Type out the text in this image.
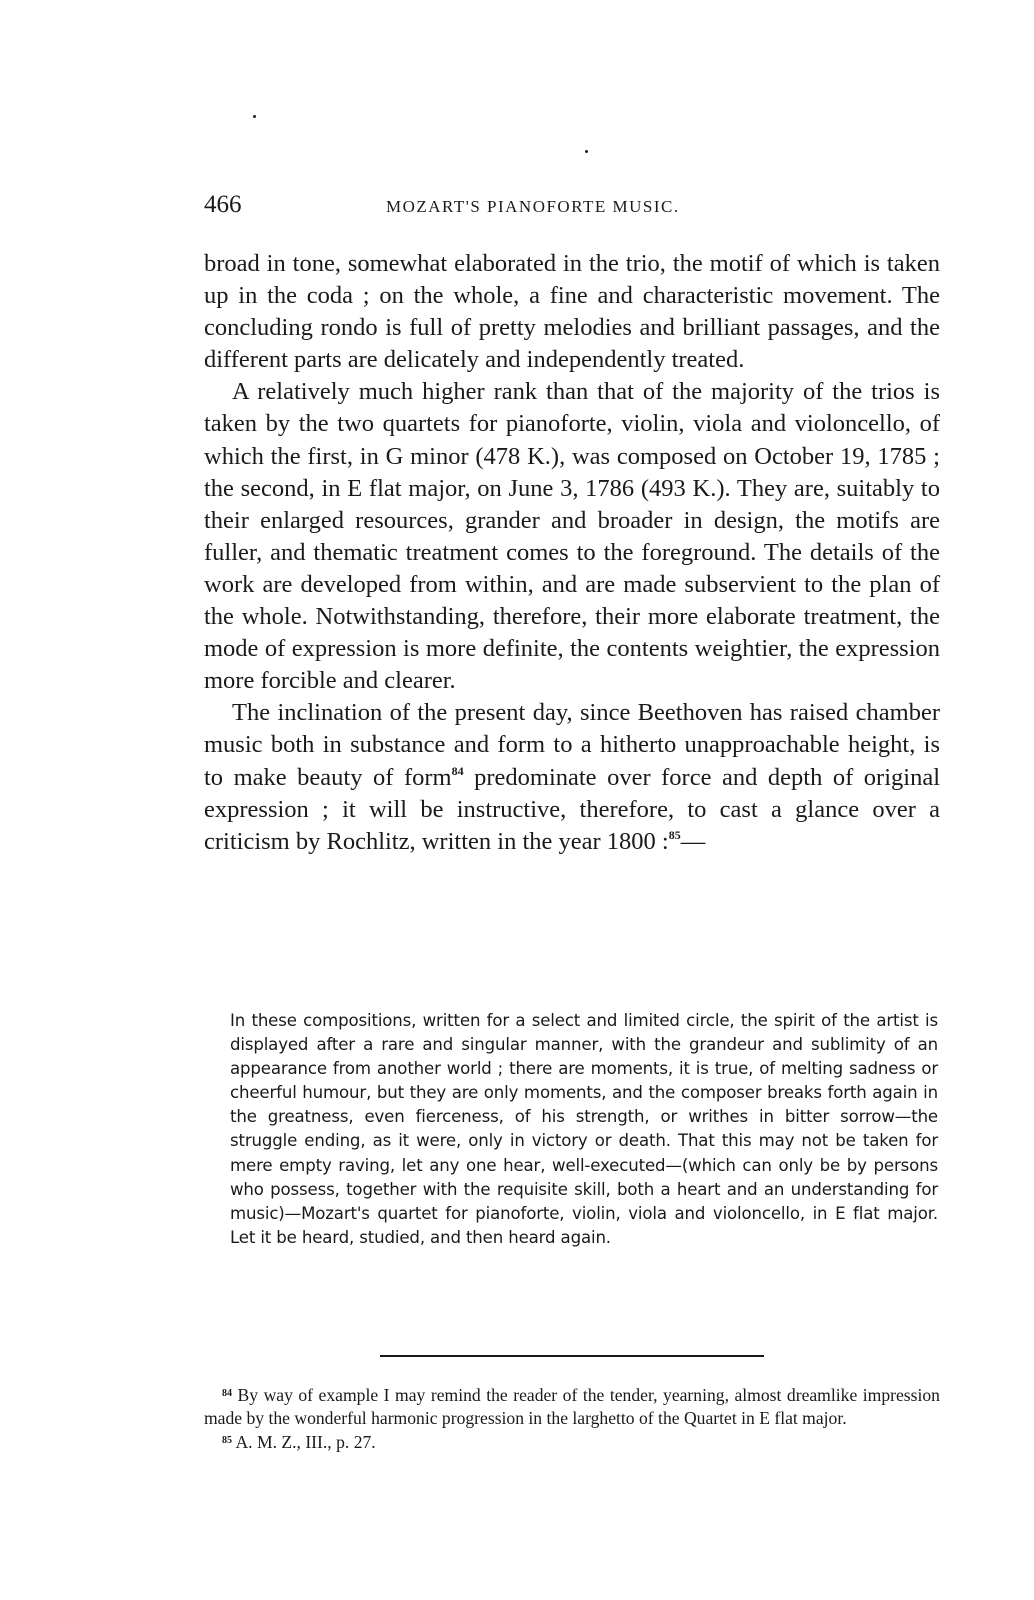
466	MOZART'S PIANOFORTE MUSIC.

broad in tone, somewhat elaborated in the trio, the motif of which is taken up in the coda ; on the whole, a fine and characteristic movement. The concluding rondo is full of pretty melodies and brilliant passages, and the different parts are delicately and independently treated.

A relatively much higher rank than that of the majority of the trios is taken by the two quartets for pianoforte, violin, viola and violoncello, of which the first, in G minor (478 K.), was composed on October 19, 1785 ; the second, in E flat major, on June 3, 1786 (493 K.). They are, suitably to their enlarged resources, grander and broader in design, the motifs are fuller, and thematic treatment comes to the foreground. The details of the work are developed from within, and are made subservient to the plan of the whole. Notwithstanding, therefore, their more elaborate treatment, the mode of expression is more definite, the contents weightier, the expression more forcible and clearer.

The inclination of the present day, since Beethoven has raised chamber music both in substance and form to a hitherto unapproachable height, is to make beauty of form$^{84}$ predominate over force and depth of original expression ; it will be instructive, therefore, to cast a glance over a criticism by Rochlitz, written in the year 1800 :$^{85}$—

In these compositions, written for a select and limited circle, the spirit of the artist is displayed after a rare and singular manner, with the grandeur and sublimity of an appearance from another world ; there are moments, it is true, of melting sadness or cheerful humour, but they are only moments, and the composer breaks forth again in the greatness, even fierceness, of his strength, or writhes in bitter sorrow—the struggle ending, as it were, only in victory or death. That this may not be taken for mere empty raving, let any one hear, well-executed—(which can only be by persons who possess, together with the requisite skill, both a heart and an understanding for music)—Mozart's quartet for pianoforte, violin, viola and violoncello, in E flat major. Let it be heard, studied, and then heard again.

$^{84}$ By way of example I may remind the reader of the tender, yearning, almost dreamlike impression made by the wonderful harmonic progression in the larghetto of the Quartet in E flat major.

$^{85}$ A. M. Z., III., p. 27.
